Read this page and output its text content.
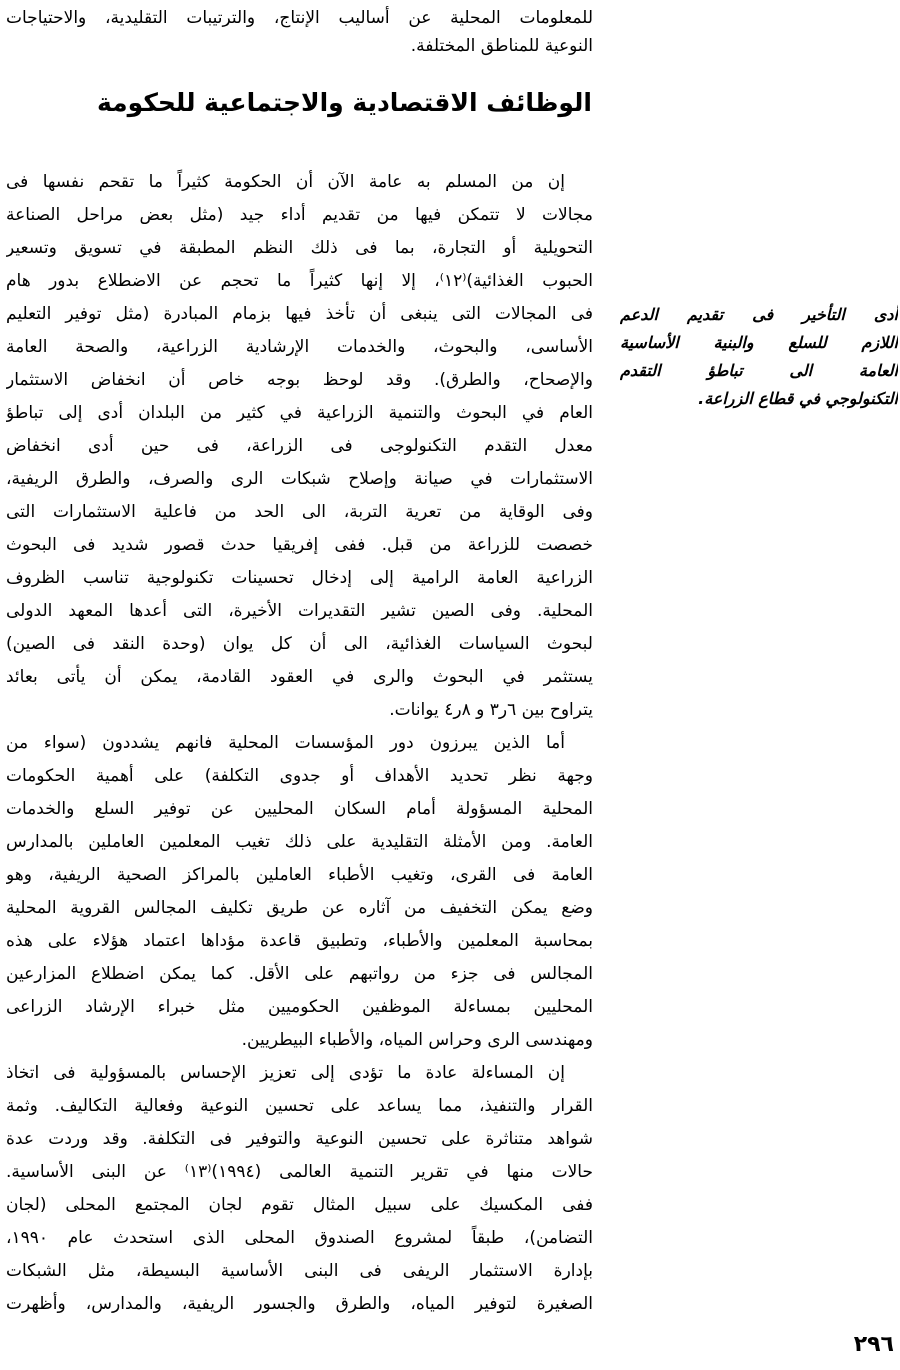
للمعلومات المحلية عن أساليب الإنتاج، والترتيبات التقليدية، والاحتياجات
النوعية للمناطق المختلفة.
الوظائف الاقتصادية والاجتماعية للحكومة
إن من المسلم به عامة الآن أن الحكومة كثيراً ما تقحم نفسها فى
مجالات لا تتمكن فيها من تقديم أداء جيد (مثل بعض مراحل الصناعة
التحويلية أو التجارة، بما فى ذلك النظم المطبقة في تسويق وتسعير
الحبوب الغذائية)⁽١٢⁾، إلا إنها كثيراً ما تحجم عن الاضطلاع بدور هام
فى المجالات التى ينبغى أن تأخذ فيها بزمام المبادرة (مثل توفير التعليم
الأساسى، والبحوث، والخدمات الإرشادية الزراعية، والصحة العامة
والإصحاح، والطرق). وقد لوحظ بوجه خاص أن انخفاض الاستثمار
العام في البحوث والتنمية الزراعية في كثير من البلدان أدى إلى تباطؤ
معدل التقدم التكنولوجى فى الزراعة، فى حين أدى انخفاض
الاستثمارات في صيانة وإصلاح شبكات الرى والصرف، والطرق الريفية،
وفى الوقاية من تعرية التربة، الى الحد من فاعلية الاستثمارات التى
خصصت للزراعة من قبل. ففى إفريقيا حدث قصور شديد فى البحوث
الزراعية العامة الرامية إلى إدخال تحسينات تكنولوجية تناسب الظروف
المحلية. وفى الصين تشير التقديرات الأخيرة، التى أعدها المعهد الدولى
لبحوث السياسات الغذائية، الى أن كل يوان (وحدة النقد فى الصين)
يستثمر في البحوث والرى في العقود القادمة، يمكن أن يأتى بعائد
يتراوح بين ٦ر٣ و ٨ر٤ يوانات.
أما الذين يبرزون دور المؤسسات المحلية فانهم يشددون (سواء من
وجهة نظر تحديد الأهداف أو جدوى التكلفة) على أهمية الحكومات
المحلية المسؤولة أمام السكان المحليين عن توفير السلع والخدمات
العامة. ومن الأمثلة التقليدية على ذلك تغيب المعلمين العاملين بالمدارس
العامة فى القرى، وتغيب الأطباء العاملين بالمراكز الصحية الريفية، وهو
وضع يمكن التخفيف من آثاره عن طريق تكليف المجالس القروية المحلية
بمحاسبة المعلمين والأطباء، وتطبيق قاعدة مؤداها اعتماد هؤلاء على هذه
المجالس فى جزء من رواتبهم على الأقل. كما يمكن اضطلاع المزارعين
المحليين بمساءلة الموظفين الحكوميين مثل خبراء الإرشاد الزراعى
ومهندسى الرى وحراس المياه، والأطباء البيطريين.
إن المساءلة عادة ما تؤدى إلى تعزيز الإحساس بالمسؤولية فى اتخاذ
القرار والتنفيذ، مما يساعد على تحسين النوعية وفعالية التكاليف. وثمة
شواهد متناثرة على تحسين النوعية والتوفير فى التكلفة. وقد وردت عدة
حالات منها في تقرير التنمية العالمى (١٩٩٤)⁽١٣⁾ عن البنى الأساسية.
ففى المكسيك على سبيل المثال تقوم لجان المجتمع المحلى (لجان
التضامن)، طبقاً لمشروع الصندوق المحلى الذى استحدث عام ١٩٩٠،
بإدارة الاستثمار الريفى فى البنى الأساسية البسيطة، مثل الشبكات
الصغيرة لتوفير المياه، والطرق والجسور الريفية، والمدارس، وأظهرت
أدى التأخير فى تقديم الدعم
اللازم للسلع والبنية الأساسية
العامة الى تباطؤ التقدم
التكنولوجي في قطاع الزراعة.
٢٩٦
